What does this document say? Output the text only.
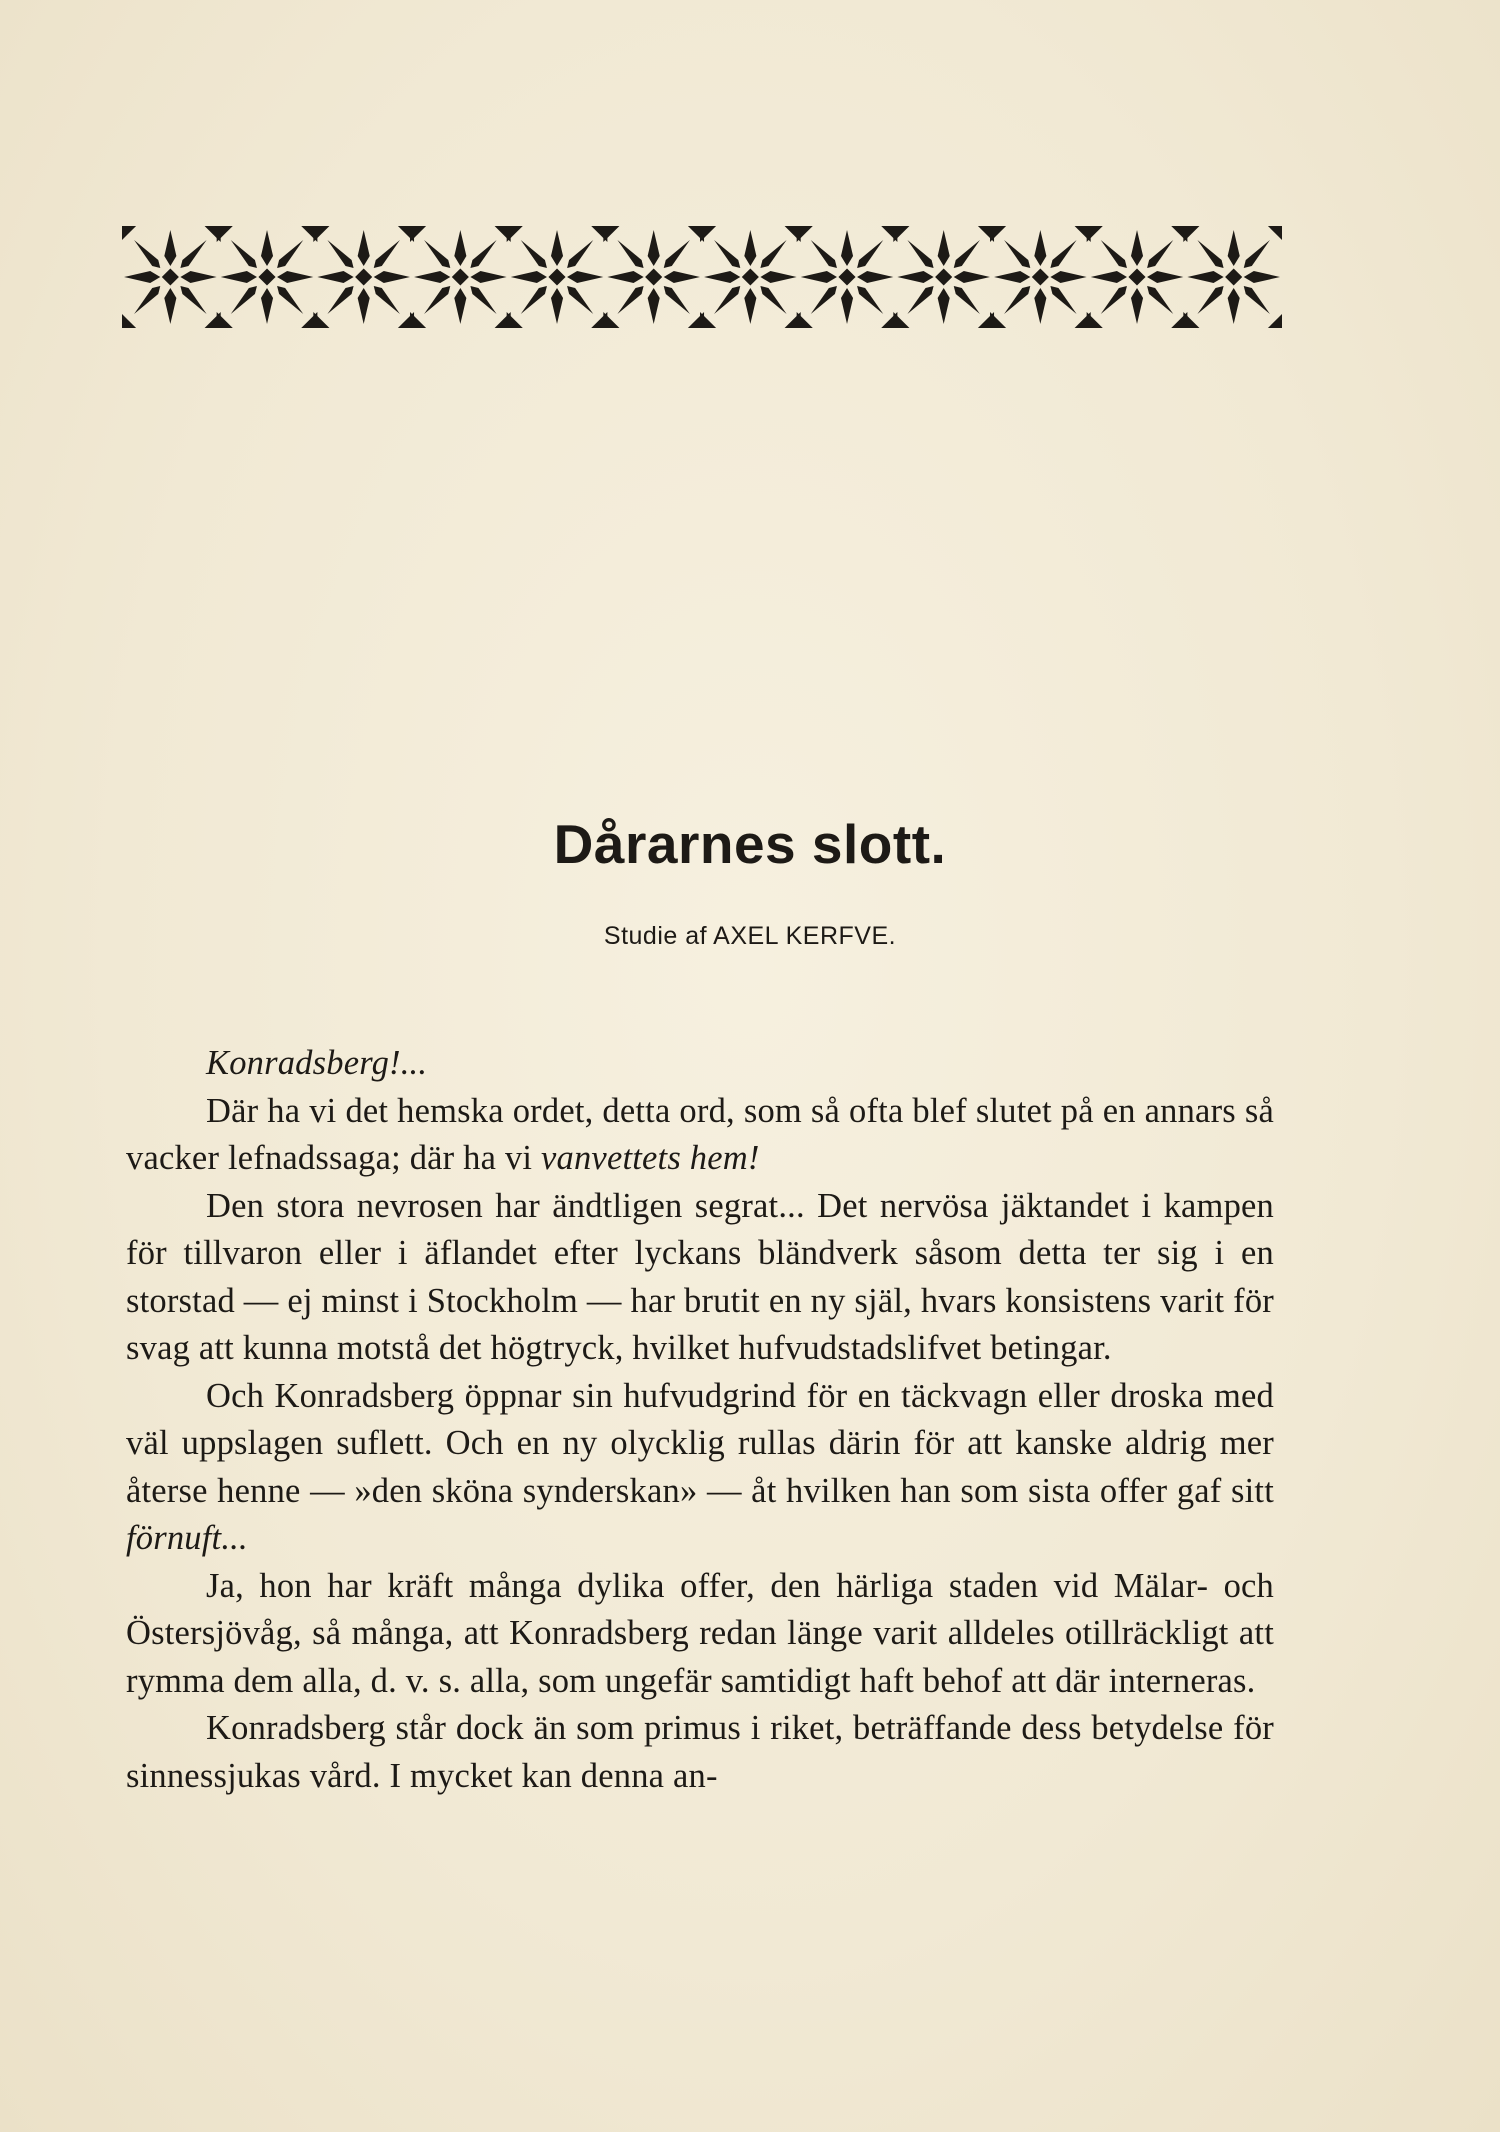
Dårarnes slott.
Studie af AXEL KERFVE.

Konradsberg!...

Där ha vi det hemska ordet, detta ord, som så ofta blef slutet på en annars så vacker lefnadssaga; där ha vi vanvettets hem!

Den stora nevrosen har ändtligen segrat... Det nervösa jäktandet i kampen för tillvaron eller i äflandet efter lyckans bländverk såsom detta ter sig i en storstad — ej minst i Stockholm — har brutit en ny själ, hvars konsistens varit för svag att kunna motstå det högtryck, hvilket hufvudstadslifvet betingar.

Och Konradsberg öppnar sin hufvudgrind för en täckvagn eller droska med väl uppslagen suflett. Och en ny olycklig rullas därin för att kanske aldrig mer återse henne — »den sköna synderskan» — åt hvilken han som sista offer gaf sitt förnuft...

Ja, hon har kräft många dylika offer, den härliga staden vid Mälar- och Östersjövåg, så många, att Konradsberg redan länge varit alldeles otillräckligt att rymma dem alla, d. v. s. alla, som ungefär samtidigt haft behof att där interneras.

Konradsberg står dock än som primus i riket, beträffande dess betydelse för sinnessjukas vård. I mycket kan denna an-
